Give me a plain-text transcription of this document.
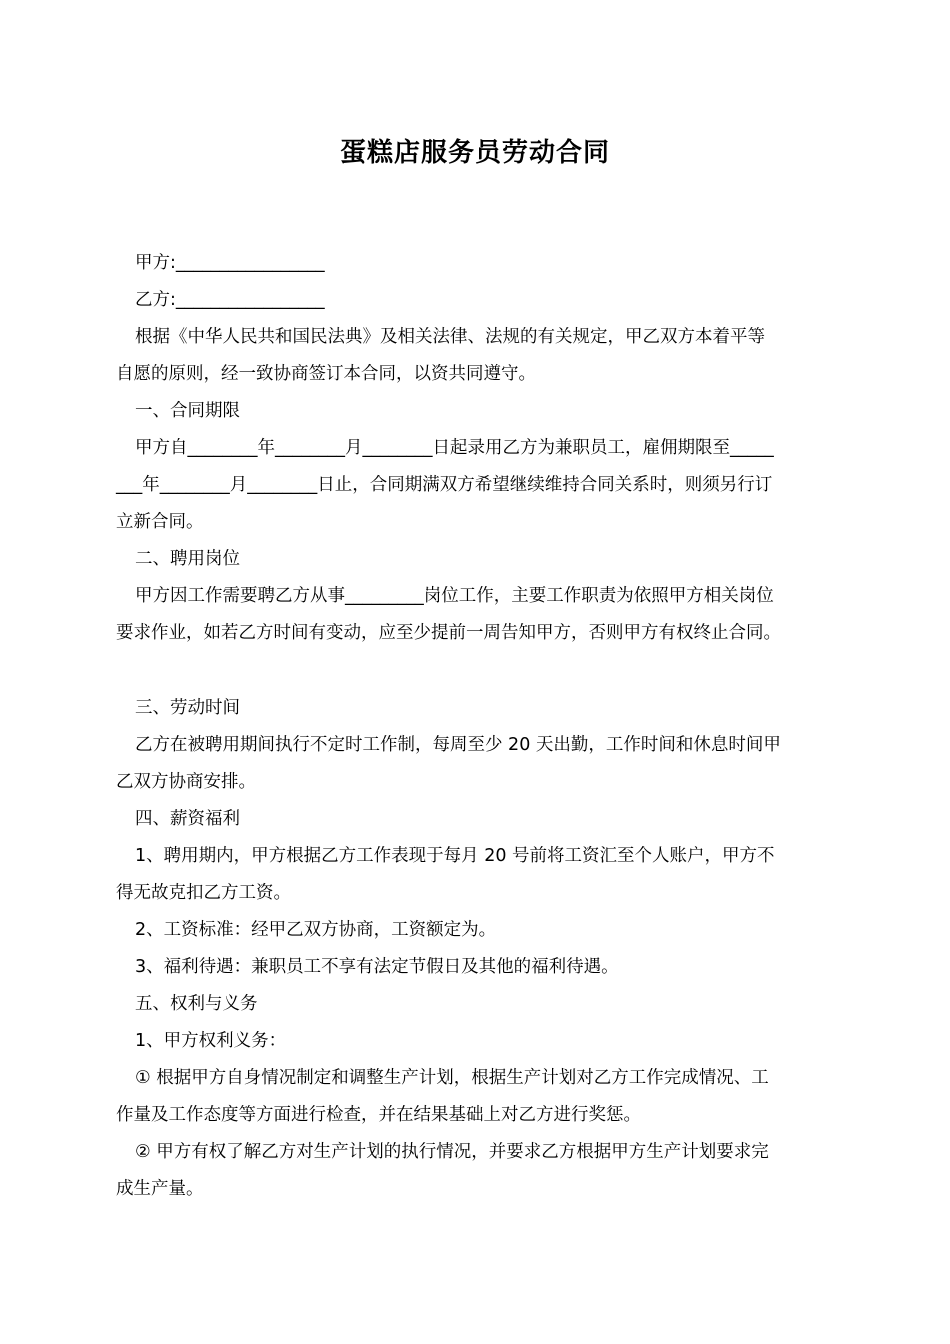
蛋糕店服务员劳动合同
甲方:_________________
乙方:_________________
根据《中华人民共和国民法典》及相关法律、法规的有关规定，甲乙双方本着平等
自愿的原则，经一致协商签订本合同，以资共同遵守。
一、合同期限
甲方自________年________月________日起录用乙方为兼职员工，雇佣期限至_____
___年________月________日止，合同期满双方希望继续维持合同关系时，则须另行订
立新合同。
二、聘用岗位
甲方因工作需要聘乙方从事_________岗位工作，主要工作职责为依照甲方相关岗位
要求作业，如若乙方时间有变动，应至少提前一周告知甲方，否则甲方有权终止合同。
三、劳动时间
乙方在被聘用期间执行不定时工作制，每周至少 20 天出勤，工作时间和休息时间甲
乙双方协商安排。
四、薪资福利
1、聘用期内，甲方根据乙方工作表现于每月 20 号前将工资汇至个人账户，甲方不
得无故克扣乙方工资。
2、工资标准：经甲乙双方协商，工资额定为。
3、福利待遇：兼职员工不享有法定节假日及其他的福利待遇。
五、权利与义务
1、甲方权利义务：
① 根据甲方自身情况制定和调整生产计划，根据生产计划对乙方工作完成情况、工
作量及工作态度等方面进行检查，并在结果基础上对乙方进行奖惩。
② 甲方有权了解乙方对生产计划的执行情况，并要求乙方根据甲方生产计划要求完
成生产量。
